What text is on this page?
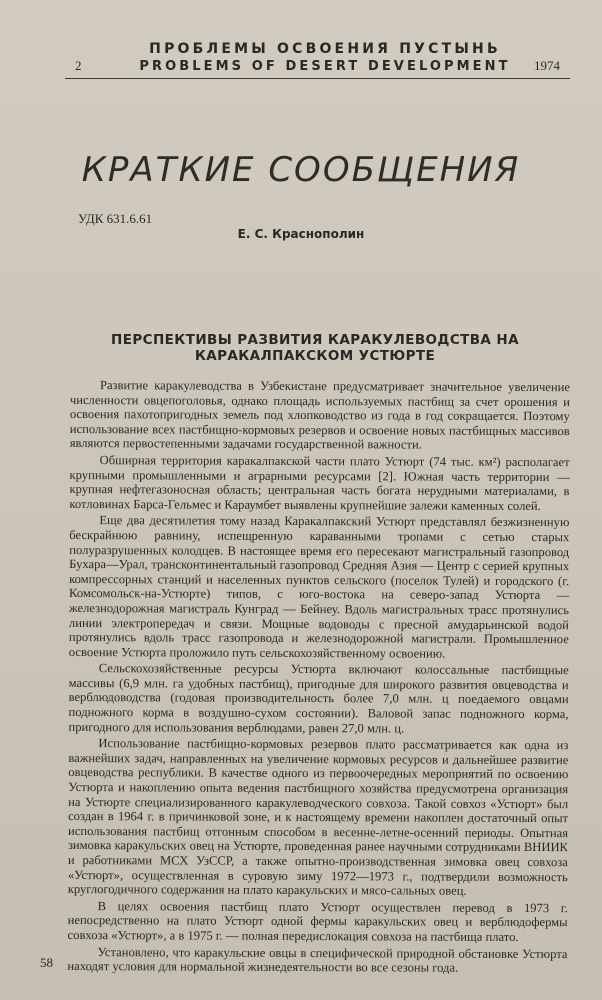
2
ПРОБЛЕМЫ ОСВОЕНИЯ ПУСТЫНЬ
PROBLEMS OF DESERT DEVELOPMENT	1974
КРАТКИЕ СООБЩЕНИЯ
УДК 631.6.61
Е. С. Краснополин
ПЕРСПЕКТИВЫ РАЗВИТИЯ КАРАКУЛЕВОДСТВА НА КАРАКАЛПАКСКОМ УСТЮРТЕ

Развитие каракулеводства в Узбекистане предусматривает значительное увеличение численности овцепоголовья, однако площадь используемых пастбищ за счет орошения и освоения пахотопригодных земель под хлопководство из года в год сокращается. Поэтому использование всех пастбищно-кормовых резервов и освоение новых пастбищных массивов являются первостепенными задачами государственной важности.

Обширная территория каракалпакской части плато Устюрт (74 тыс. км²) располагает крупными промышленными и аграрными ресурсами [2]. Южная часть территории — крупная нефтегазоносная область; центральная часть богата нерудными материалами, в котловинах Барса-Гельмес и Караумбет выявлены крупнейшие залежи каменных солей.

Еще два десятилетия тому назад Каракалпакский Устюрт представлял безжизненную бескрайнюю равнину, испещренную караванными тропами с сетью старых полуразрушенных колодцев. В настоящее время его пересекают магистральный газопровод Бухара—Урал, трансконтинентальный газопровод Средняя Азия — Центр с серией крупных компрессорных станций и населенных пунктов сельского (поселок Тулей) и городского (г. Комсомольск-на-Устюрте) типов, с юго-востока на северо-запад Устюрта — железнодорожная магистраль Кунград — Бейнеу. Вдоль магистральных трасс протянулись линии электропередач и связи. Мощные водоводы с пресной амударьинской водой протянулись вдоль трасс газопровода и железнодорожной магистрали. Промышленное освоение Устюрта проложило путь сельскохозяйственному освоению.

Сельскохозяйственные ресурсы Устюрта включают колоссальные пастбищные массивы (6,9 млн. га удобных пастбищ), пригодные для широкого развития овцеводства и верблюдоводства (годовая производительность более 7,0 млн. ц поедаемого овцами подножного корма в воздушно-сухом состоянии). Валовой запас подножного корма, пригодного для использования верблюдами, равен 27,0 млн. ц.

Использование пастбищно-кормовых резервов плато рассматривается как одна из важнейших задач, направленных на увеличение кормовых ресурсов и дальнейшее развитие овцеводства республики. В качестве одного из первоочередных мероприятий по освоению Устюрта и накоплению опыта ведения пастбищного хозяйства предусмотрена организация на Устюрте специализированного каракулеводческого совхоза. Такой совхоз «Устюрт» был создан в 1964 г. в причинковой зоне, и к настоящему времени накоплен достаточный опыт использования пастбищ отгонным способом в весенне-летне-осенний периоды. Опытная зимовка каракульских овец на Устюрте, проведенная ранее научными сотрудниками ВНИИК и работниками МСХ УзССР, а также опытно-производственная зимовка овец совхоза «Устюрт», осуществленная в суровую зиму 1972—1973 г., подтвердили возможность круглогодичного содержания на плато каракульских и мясо-сальных овец.

В целях освоения пастбищ плато Устюрт осуществлен перевод в 1973 г. непосредственно на плато Устюрт одной фермы каракульских овец и верблюдофермы совхоза «Устюрт», а в 1975 г. — полная передислокация совхоза на пастбища плато.

Установлено, что каракульские овцы в специфической природной обстановке Устюрта находят условия для нормальной жизнедеятельности во все сезоны года.

58
